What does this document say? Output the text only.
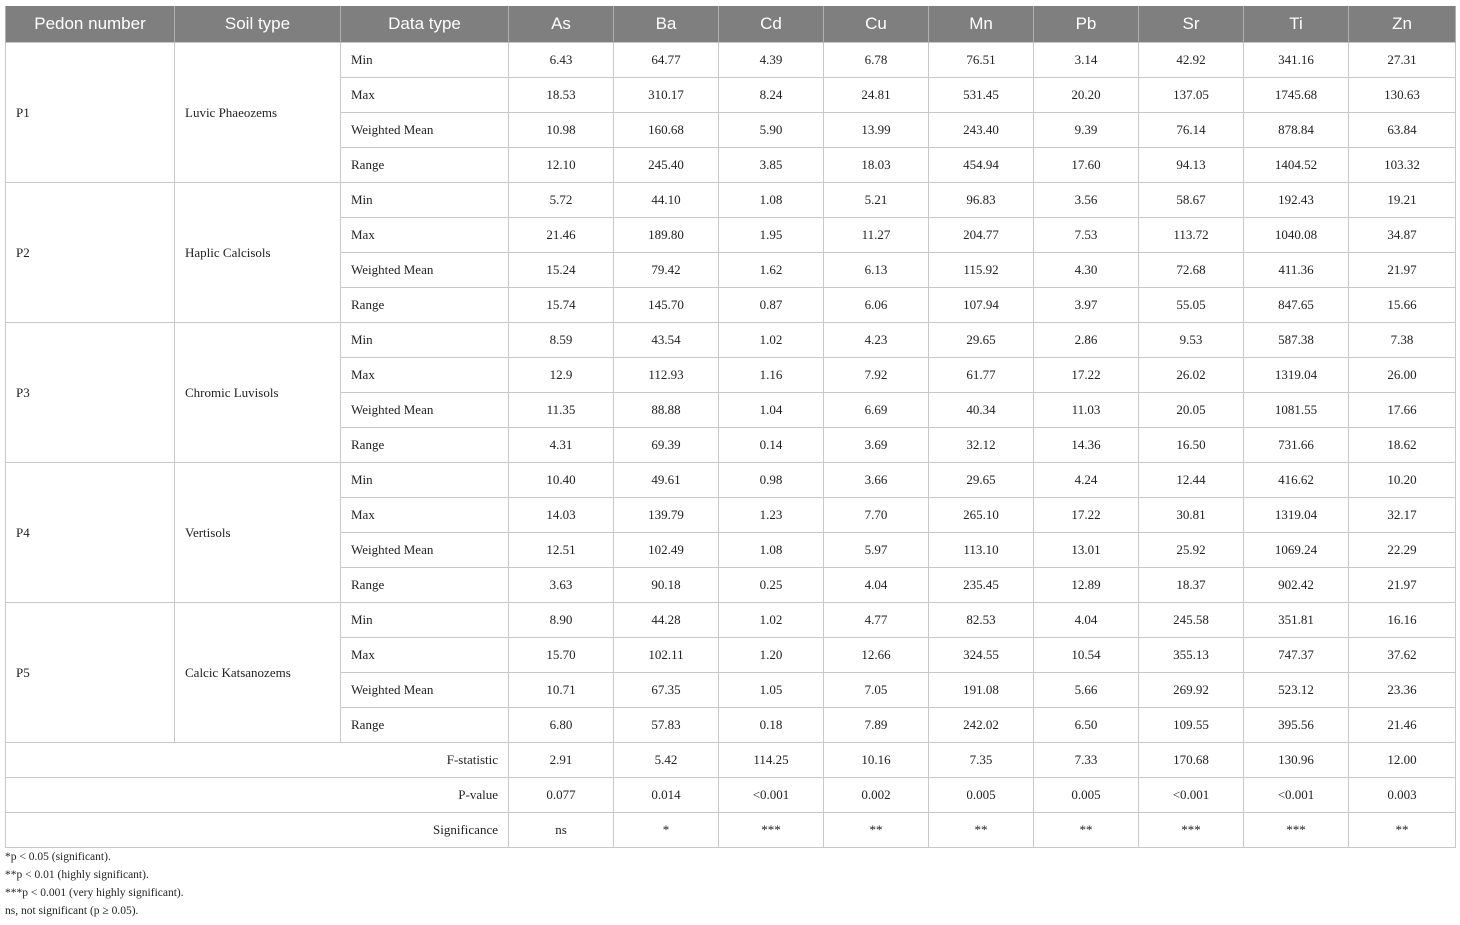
Pedon number	Soil type	Data type	As	Ba	Cd	Cu	Mn	Pb	Sr	Ti	Zn
P1	Luvic Phaeozems	Min	6.43	64.77	4.39	6.78	76.51	3.14	42.92	341.16	27.31
		Max	18.53	310.17	8.24	24.81	531.45	20.20	137.05	1745.68	130.63
		Weighted Mean	10.98	160.68	5.90	13.99	243.40	9.39	76.14	878.84	63.84
		Range	12.10	245.40	3.85	18.03	454.94	17.60	94.13	1404.52	103.32
P2	Haplic Calcisols	Min	5.72	44.10	1.08	5.21	96.83	3.56	58.67	192.43	19.21
		Max	21.46	189.80	1.95	11.27	204.77	7.53	113.72	1040.08	34.87
		Weighted Mean	15.24	79.42	1.62	6.13	115.92	4.30	72.68	411.36	21.97
		Range	15.74	145.70	0.87	6.06	107.94	3.97	55.05	847.65	15.66
P3	Chromic Luvisols	Min	8.59	43.54	1.02	4.23	29.65	2.86	9.53	587.38	7.38
		Max	12.9	112.93	1.16	7.92	61.77	17.22	26.02	1319.04	26.00
		Weighted Mean	11.35	88.88	1.04	6.69	40.34	11.03	20.05	1081.55	17.66
		Range	4.31	69.39	0.14	3.69	32.12	14.36	16.50	731.66	18.62
P4	Vertisols	Min	10.40	49.61	0.98	3.66	29.65	4.24	12.44	416.62	10.20
		Max	14.03	139.79	1.23	7.70	265.10	17.22	30.81	1319.04	32.17
		Weighted Mean	12.51	102.49	1.08	5.97	113.10	13.01	25.92	1069.24	22.29
		Range	3.63	90.18	0.25	4.04	235.45	12.89	18.37	902.42	21.97
P5	Calcic Katsanozems	Min	8.90	44.28	1.02	4.77	82.53	4.04	245.58	351.81	16.16
		Max	15.70	102.11	1.20	12.66	324.55	10.54	355.13	747.37	37.62
		Weighted Mean	10.71	67.35	1.05	7.05	191.08	5.66	269.92	523.12	23.36
		Range	6.80	57.83	0.18	7.89	242.02	6.50	109.55	395.56	21.46
F-statistic			2.91	5.42	114.25	10.16	7.35	7.33	170.68	130.96	12.00
P-value			0.077	0.014	<0.001	0.002	0.005	0.005	<0.001	<0.001	0.003
Significance			ns	*	***	**	**	**	***	***	**
*p < 0.05 (significant).
**p < 0.01 (highly significant).
***p < 0.001 (very highly significant).
ns, not significant (p ≥ 0.05).
